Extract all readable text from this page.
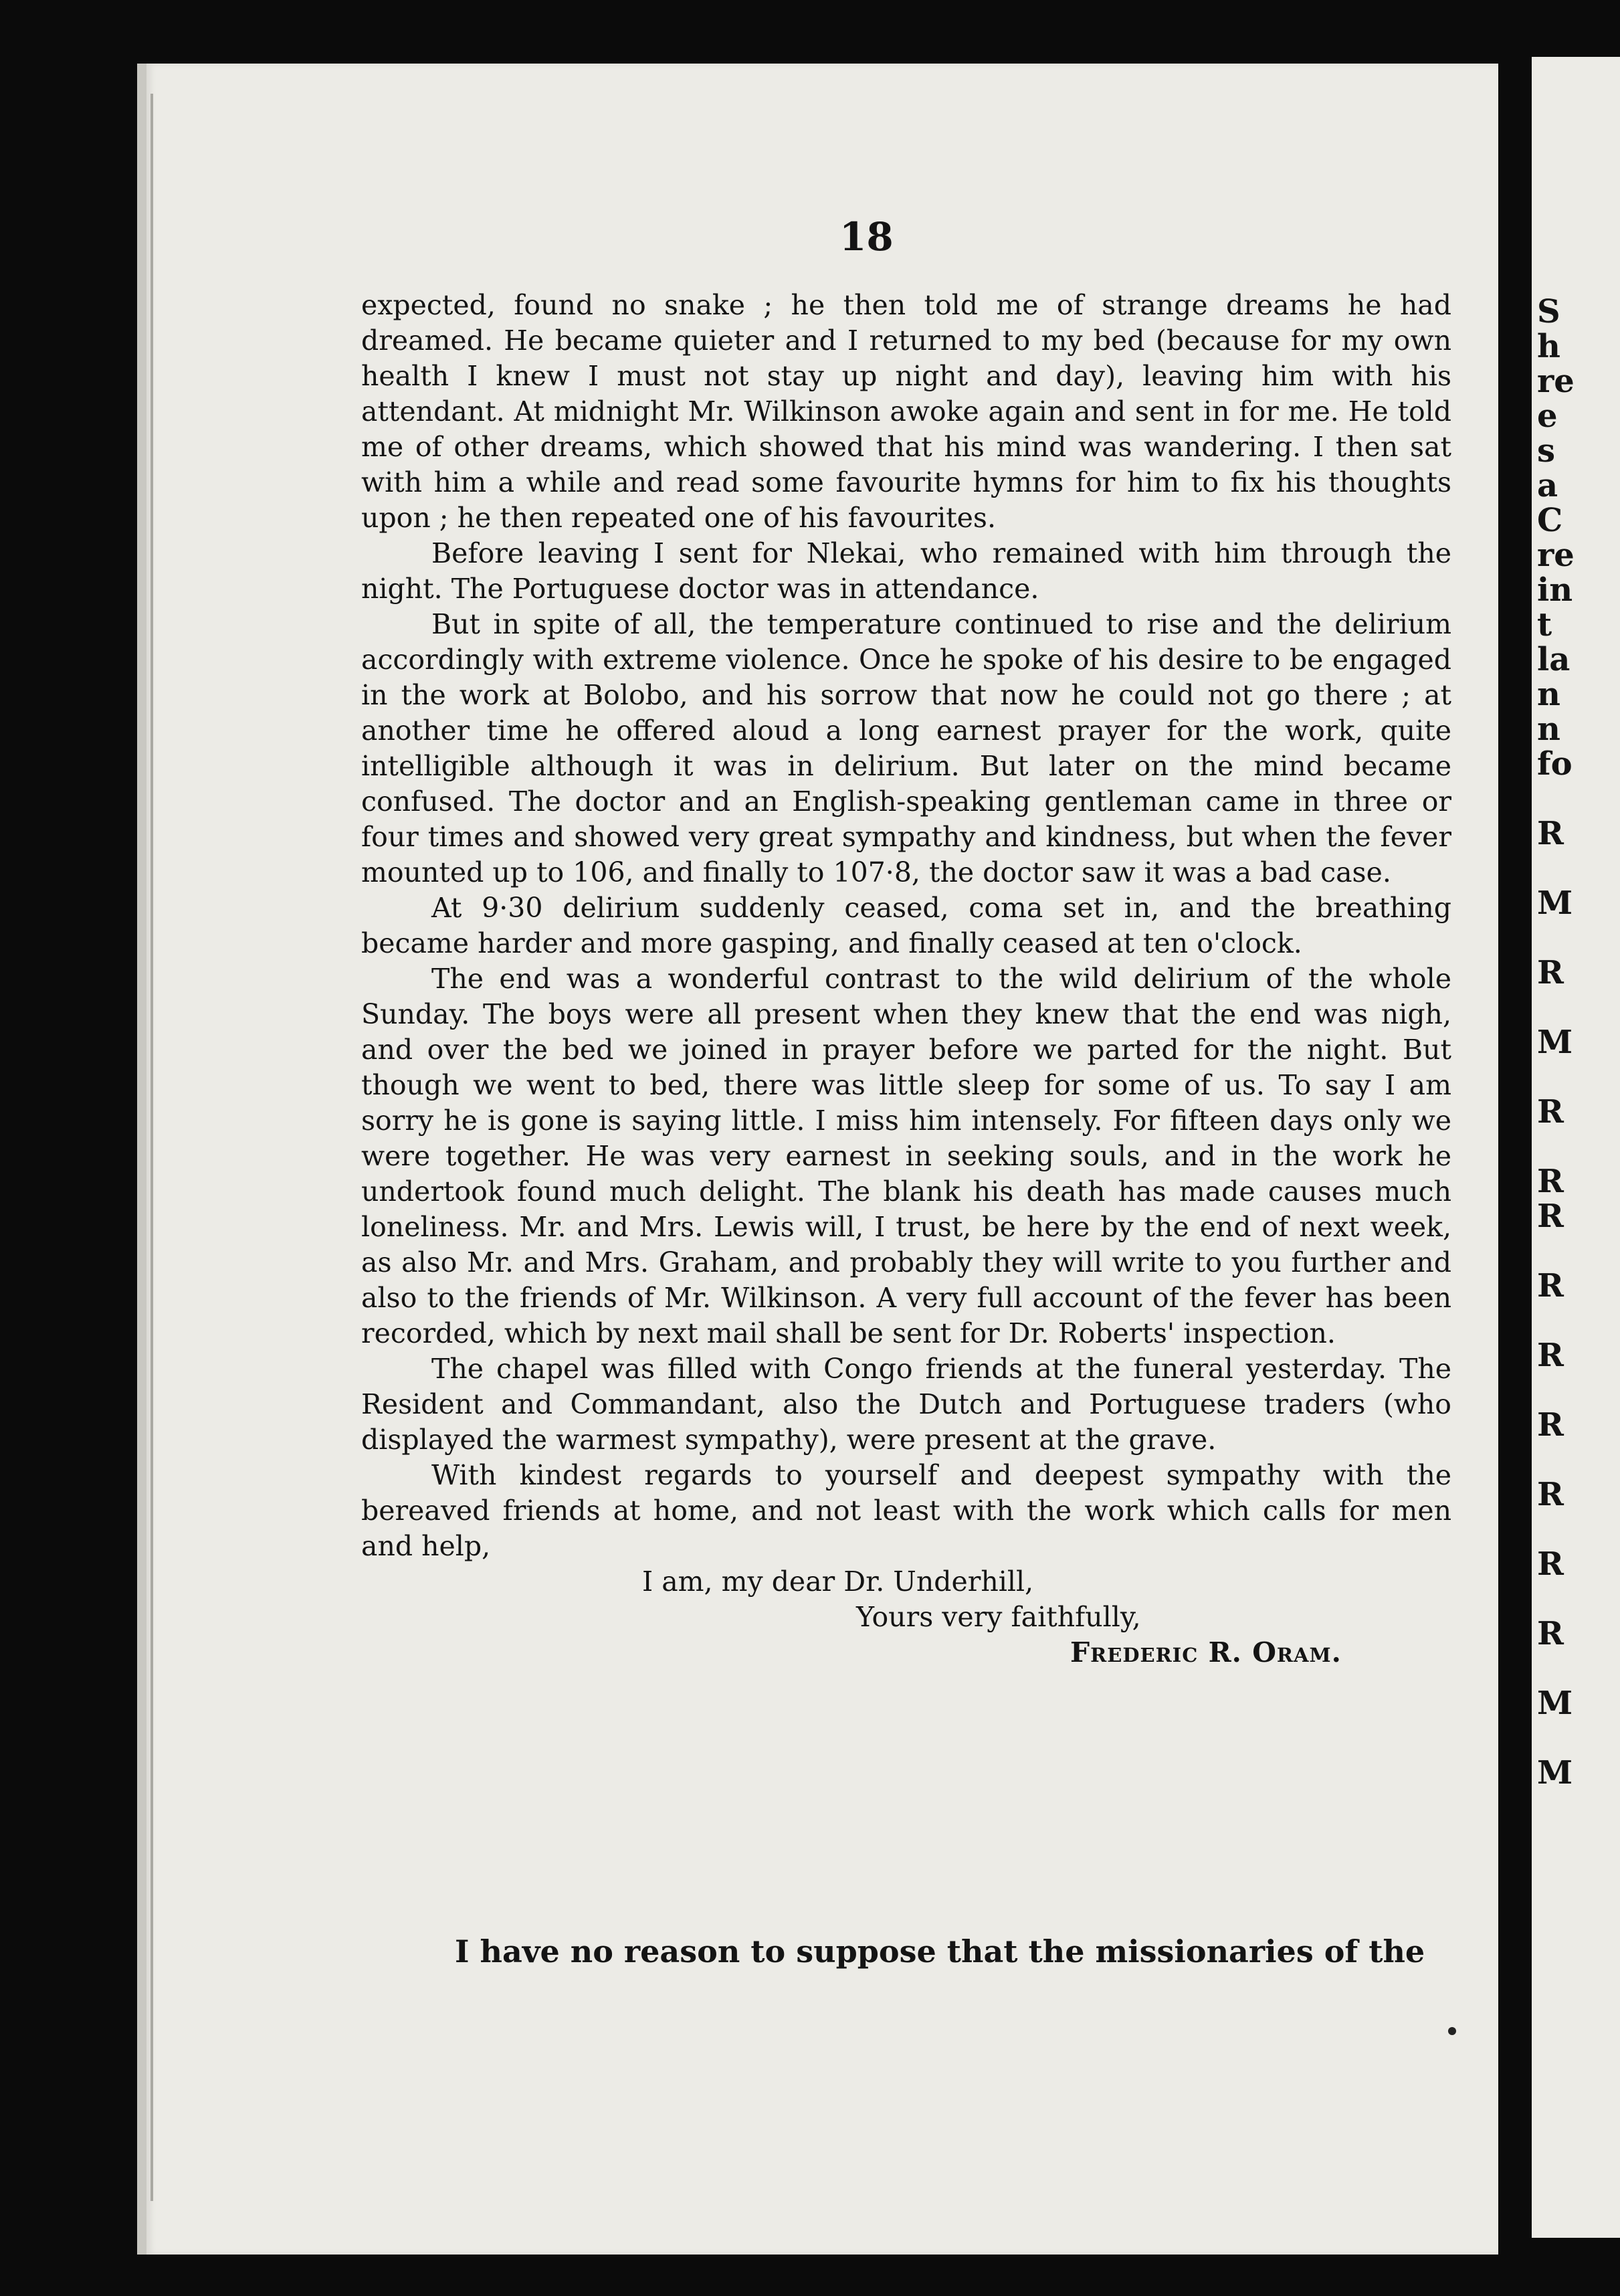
18

expected, found no snake ; he then told me of strange dreams he had dreamed. He became quieter and I returned to my bed (because for my own health I knew I must not stay up night and day), leaving him with his attendant. At midnight Mr. Wilkinson awoke again and sent in for me. He told me of other dreams, which showed that his mind was wandering. I then sat with him a while and read some favourite hymns for him to fix his thoughts upon ; he then repeated one of his favourites.

Before leaving I sent for Nlekai, who remained with him through the night. The Portuguese doctor was in attendance.

But in spite of all, the temperature continued to rise and the delirium accordingly with extreme violence. Once he spoke of his desire to be engaged in the work at Bolobo, and his sorrow that now he could not go there ; at another time he offered aloud a long earnest prayer for the work, quite intelligible although it was in delirium. But later on the mind became confused. The doctor and an English-speaking gentleman came in three or four times and showed very great sympathy and kindness, but when the fever mounted up to 106, and finally to 107·8, the doctor saw it was a bad case.

At 9·30 delirium suddenly ceased, coma set in, and the breathing became harder and more gasping, and finally ceased at ten o'clock.

The end was a wonderful contrast to the wild delirium of the whole Sunday. The boys were all present when they knew that the end was nigh, and over the bed we joined in prayer before we parted for the night. But though we went to bed, there was little sleep for some of us. To say I am sorry he is gone is saying little. I miss him intensely. For fifteen days only we were together. He was very earnest in seeking souls, and in the work he undertook found much delight. The blank his death has made causes much loneliness. Mr. and Mrs. Lewis will, I trust, be here by the end of next week, as also Mr. and Mrs. Graham, and probably they will write to you further and also to the friends of Mr. Wilkinson. A very full account of the fever has been recorded, which by next mail shall be sent for Dr. Roberts' inspection.

The chapel was filled with Congo friends at the funeral yesterday. The Resident and Commandant, also the Dutch and Portuguese traders (who displayed the warmest sympathy), were present at the grave.

With kindest regards to yourself and deepest sympathy with the bereaved friends at home, and not least with the work which calls for men and help,

I am, my dear Dr. Underhill,

Yours very faithfully,

Frederic R. Oram.

I have no reason to suppose that the missionaries of the
S
h
re
e
s
a
C
re
in
t
la
n
n
fo

R

M

R

M

R

R
R

R

R

R

R

R

R

M

M
